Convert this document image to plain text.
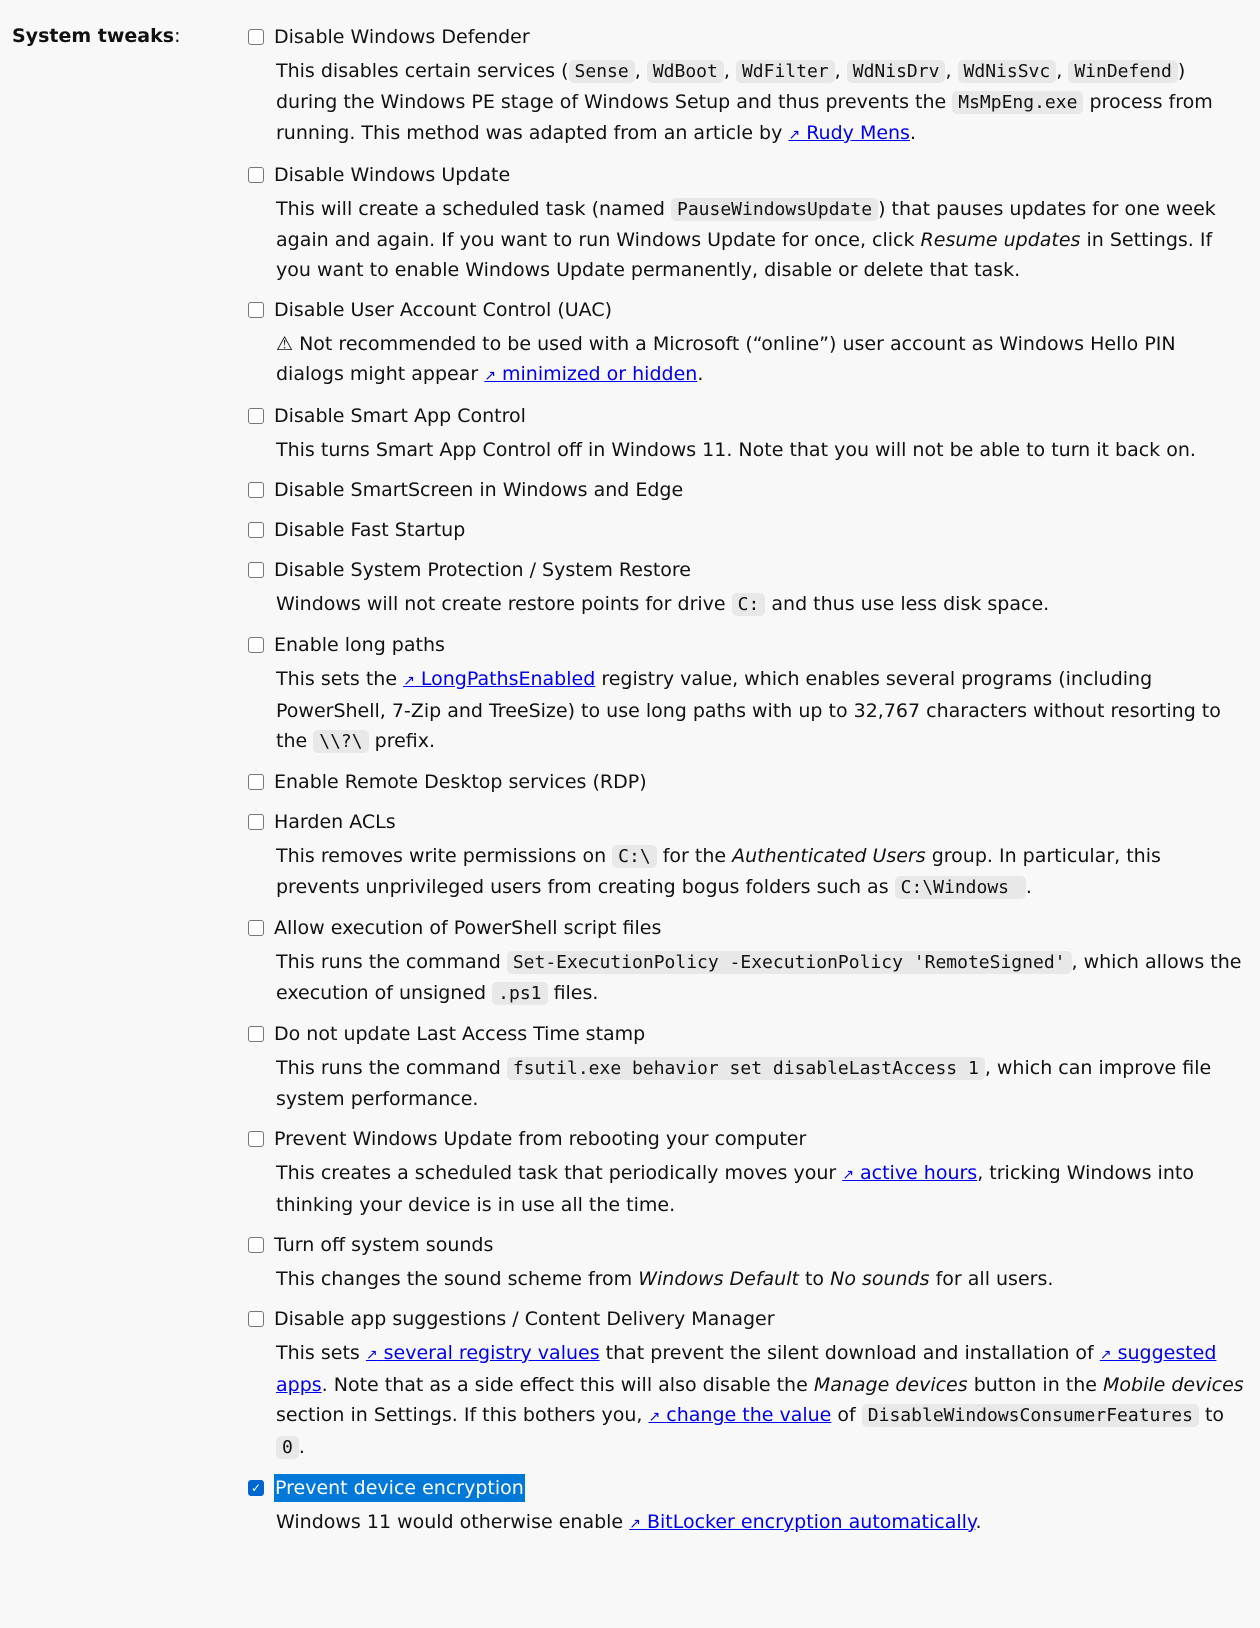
System tweaks:	Disable Windows Defender
This disables certain services ( Sense , WdBoot , WdFilter , WdNisDrv , WdNisSvc , WinDefend ) during the Windows PE stage of Windows Setup and thus prevents the MsMpEng.exe process from running. This method was adapted from an article by ↗ Rudy Mens.
Disable Windows Update
This will create a scheduled task (named PauseWindowsUpdate ) that pauses updates for one week again and again. If you want to run Windows Update for once, click Resume updates in Settings. If you want to enable Windows Update permanently, disable or delete that task.
Disable User Account Control (UAC)
⚠ Not recommended to be used with a Microsoft (“online”) user account as Windows Hello PIN dialogs might appear ↗ minimized or hidden.
Disable Smart App Control
This turns Smart App Control off in Windows 11. Note that you will not be able to turn it back on.
Disable SmartScreen in Windows and Edge
Disable Fast Startup
Disable System Protection / System Restore
Windows will not create restore points for drive C: and thus use less disk space.
Enable long paths
This sets the ↗ LongPathsEnabled registry value, which enables several programs (including PowerShell, 7-Zip and TreeSize) to use long paths with up to 32,767 characters without resorting to the \\?\ prefix.
Enable Remote Desktop services (RDP)
Harden ACLs
This removes write permissions on C:\ for the Authenticated Users group. In particular, this prevents unprivileged users from creating bogus folders such as C:\Windows .
Allow execution of PowerShell script files
This runs the command Set-ExecutionPolicy -ExecutionPolicy 'RemoteSigned' , which allows the execution of unsigned .ps1 files.
Do not update Last Access Time stamp
This runs the command fsutil.exe behavior set disableLastAccess 1 , which can improve file system performance.
Prevent Windows Update from rebooting your computer
This creates a scheduled task that periodically moves your ↗ active hours, tricking Windows into thinking your device is in use all the time.
Turn off system sounds
This changes the sound scheme from Windows Default to No sounds for all users.
Disable app suggestions / Content Delivery Manager
This sets ↗ several registry values that prevent the silent download and installation of ↗ suggested apps. Note that as a side effect this will also disable the Manage devices button in the Mobile devices section in Settings. If this bothers you, ↗ change the value of DisableWindowsConsumerFeatures to 0 .
✓ Prevent device encryption
Windows 11 would otherwise enable ↗ BitLocker encryption automatically.
